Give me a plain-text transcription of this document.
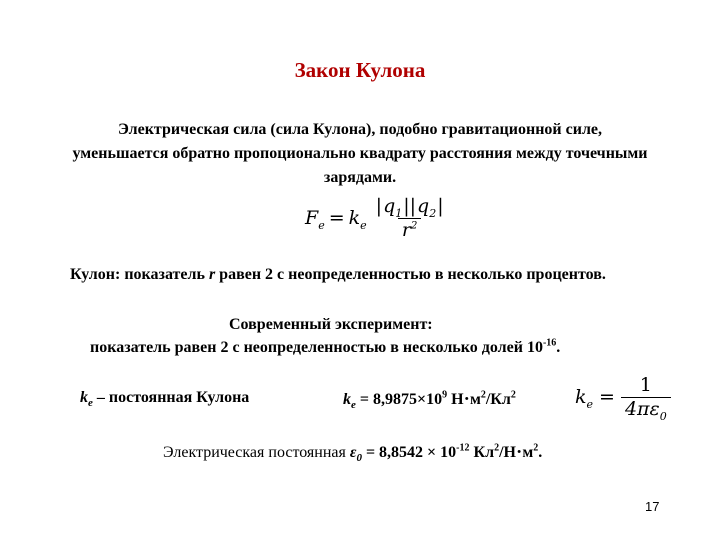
Закон Кулона
Электрическая сила (сила Кулона), подобно гравитационной силе, уменьшается обратно пропоционально квадрату расстояния между точечными зарядами.
$F_e = k_e \frac{|q_1||q_2|}{r^2}$
Кулон: показатель r равен 2 с неопределенностью в несколько процентов.
Современный эксперимент:
показатель равен 2 с неопределенностью в несколько долей $10^{-16}$.
$k_e$ – постоянная Кулона	$k_e = 8,9875\times 10^9$ $Н\cdot м^2/Кл^2$	$k_e = \frac{1}{4\pi\varepsilon_0}$
Электрическая постоянная $\varepsilon_0 = 8,8542 \times 10^{-12}$ $Кл^2/Н\cdot м^2$.
17
